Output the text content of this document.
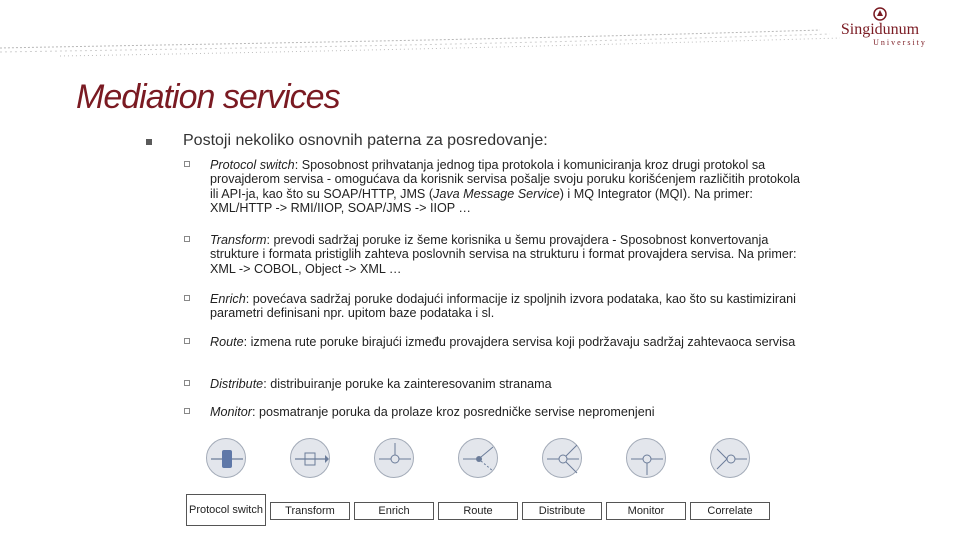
Singidunum
University
Mediation services
Postoji nekoliko osnovnih paterna za posredovanje:
Protocol switch: Sposobnost prihvatanja jednog tipa protokola i komuniciranja kroz drugi protokol sa provajderom servisa - omogućava da korisnik servisa pošalje svoju poruku korišćenjem različitih protokola ili API-ja, kao što su SOAP/HTTP, JMS (Java Message Service) i MQ Integrator (MQI). Na primer: XML/HTTP -> RMI/IIOP, SOAP/JMS -> IIOP …
Transform: prevodi sadržaj poruke iz šeme korisnika u šemu provajdera - Sposobnost konvertovanja strukture i formata pristiglih zahteva poslovnih servisa na strukturu i format provajdera servisa. Na primer: XML -> COBOL, Object -> XML …
Enrich: povećava sadržaj poruke dodajući informacije iz spoljnih izvora podataka, kao što su kastimizirani parametri definisani npr. upitom baze podataka i sl.
Route: izmena rute poruke birajući između provajdera servisa koji podržavaju sadržaj zahtevaoca servisa
Distribute: distribuiranje poruke ka zainteresovanim stranama
Monitor: posmatranje poruka da prolaze kroz posredničke servise nepromenjeni
Protocol switch	Transform	Enrich	Route	Distribute	Monitor	Correlate
